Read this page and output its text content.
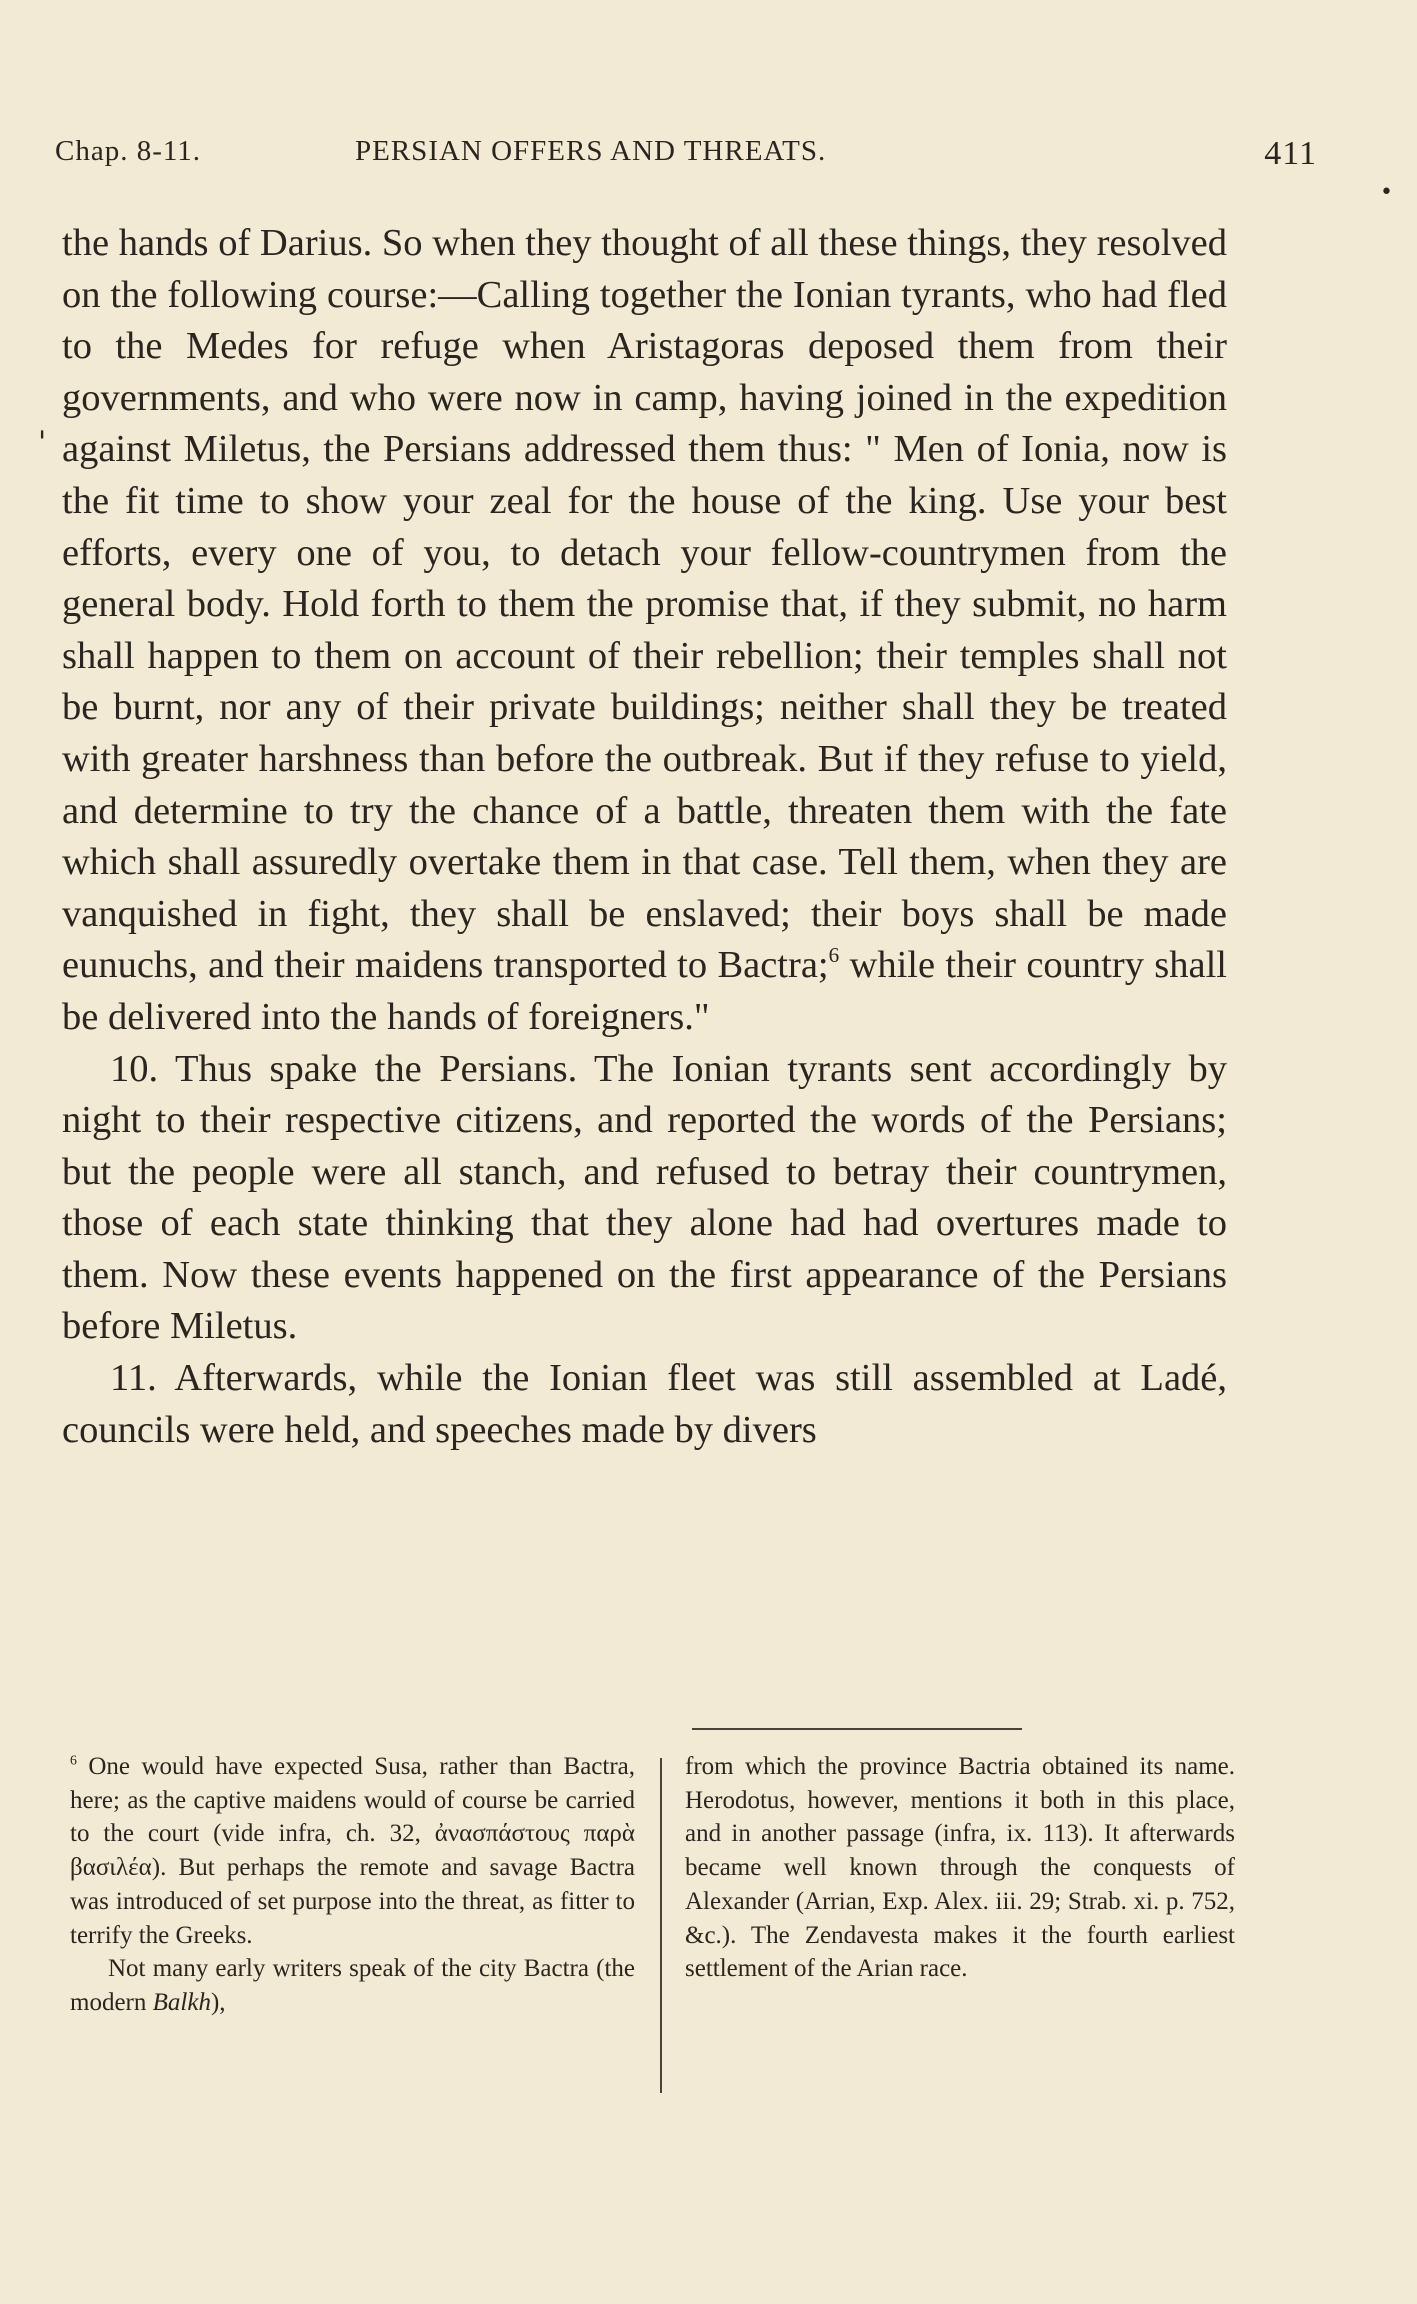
Chap. 8-11.	PERSIAN OFFERS AND THREATS.	411
'
•

the hands of Darius. So when they thought of all these things, they resolved on the following course:—Calling together the Ionian tyrants, who had fled to the Medes for refuge when Aristagoras deposed them from their governments, and who were now in camp, having joined in the expedition against Miletus, the Persians addressed them thus: " Men of Ionia, now is the fit time to show your zeal for the house of the king. Use your best efforts, every one of you, to detach your fellow-countrymen from the general body. Hold forth to them the promise that, if they submit, no harm shall happen to them on account of their rebellion; their temples shall not be burnt, nor any of their private buildings; neither shall they be treated with greater harshness than before the outbreak. But if they refuse to yield, and determine to try the chance of a battle, threaten them with the fate which shall assuredly overtake them in that case. Tell them, when they are vanquished in fight, they shall be enslaved; their boys shall be made eunuchs, and their maidens transported to Bactra;$^6$ while their country shall be delivered into the hands of foreigners."

10. Thus spake the Persians. The Ionian tyrants sent accordingly by night to their respective citizens, and reported the words of the Persians; but the people were all stanch, and refused to betray their countrymen, those of each state thinking that they alone had had overtures made to them. Now these events happened on the first appearance of the Persians before Miletus.

11. Afterwards, while the Ionian fleet was still assembled at Ladé, councils were held, and speeches made by divers

$^6$ One would have expected Susa, rather than Bactra, here; as the captive maidens would of course be carried to the court (vide infra, ch. 32, ἀνασπάστους παρὰ βασιλέα). But perhaps the remote and savage Bactra was introduced of set purpose into the threat, as fitter to terrify the Greeks.

Not many early writers speak of the city Bactra (the modern Balkh),

from which the province Bactria obtained its name. Herodotus, however, mentions it both in this place, and in another passage (infra, ix. 113). It afterwards became well known through the conquests of Alexander (Arrian, Exp. Alex. iii. 29; Strab. xi. p. 752, &c.). The Zendavesta makes it the fourth earliest settlement of the Arian race.
